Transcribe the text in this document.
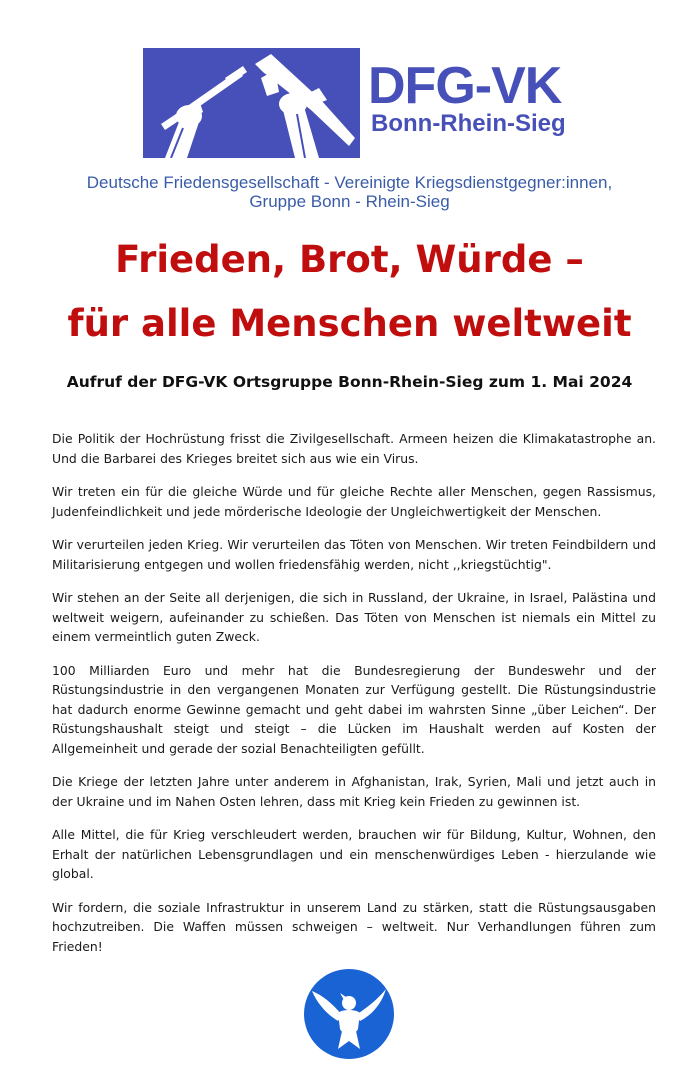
DFG-VK
Bonn-Rhein-Sieg
Deutsche Friedensgesellschaft - Vereinigte Kriegsdienstgegner:innen,
Gruppe Bonn - Rhein-Sieg
Frieden, Brot, Würde –
für alle Menschen weltweit
Aufruf der DFG-VK Ortsgruppe Bonn-Rhein-Sieg zum 1. Mai 2024

Die Politik der Hochrüstung frisst die Zivilgesellschaft. Armeen heizen die Klimakatastrophe an. Und die Barbarei des Krieges breitet sich aus wie ein Virus.

Wir treten ein für die gleiche Würde und für gleiche Rechte aller Menschen, gegen Rassismus, Judenfeindlichkeit und jede mörderische Ideologie der Ungleichwertigkeit der Menschen.

Wir verurteilen jeden Krieg. Wir verurteilen das Töten von Menschen. Wir treten Feindbildern und Militarisierung entgegen und wollen friedensfähig werden, nicht ,,kriegstüchtig".

Wir stehen an der Seite all derjenigen, die sich in Russland, der Ukraine, in Israel, Palästina und weltweit weigern, aufeinander zu schießen. Das Töten von Menschen ist niemals ein Mittel zu einem vermeintlich guten Zweck.

100 Milliarden Euro und mehr hat die Bundesregierung der Bundeswehr und der Rüstungsindustrie in den vergangenen Monaten zur Verfügung gestellt. Die Rüstungsindustrie hat dadurch enorme Gewinne gemacht und geht dabei im wahrsten Sinne „über Leichen“. Der Rüstungshaushalt steigt und steigt – die Lücken im Haushalt werden auf Kosten der Allgemeinheit und gerade der sozial Benachteiligten gefüllt.

Die Kriege der letzten Jahre unter anderem in Afghanistan, Irak, Syrien, Mali und jetzt auch in der Ukraine und im Nahen Osten lehren, dass mit Krieg kein Frieden zu gewinnen ist.

Alle Mittel, die für Krieg verschleudert werden, brauchen wir für Bildung, Kultur, Wohnen, den Erhalt der natürlichen Lebensgrundlagen und ein menschenwürdiges Leben - hierzulande wie global.

Wir fordern, die soziale Infrastruktur in unserem Land zu stärken, statt die Rüstungsausgaben hochzutreiben. Die Waffen müssen schweigen – weltweit. Nur Verhandlungen führen zum Frieden!
